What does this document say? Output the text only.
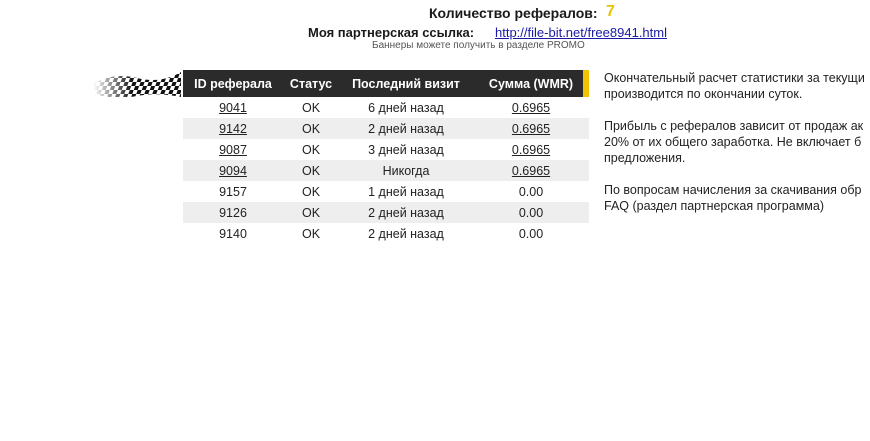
Количество рефералов: 7
Моя партнерская ссылка: http://file-bit.net/free8941.html
Баннеры можете получить в разделе PROMO
ID реферала	Статус	Последний визит	Сумма (WMR)
9041	OK	6 дней назад	0.6965
9142	OK	2 дней назад	0.6965
9087	OK	3 дней назад	0.6965
9094	OK	Никогда	0.6965
9157	OK	1 дней назад	0.00
9126	OK	2 дней назад	0.00
9140	OK	2 дней назад	0.00

Окончательный расчет статистики за текущи
производится по окончании суток.

Прибыль с рефералов зависит от продаж ак
20% от их общего заработка. Не включает б
предложения.

По вопросам начисления за скачивания обр
FAQ (раздел партнерская программа)
